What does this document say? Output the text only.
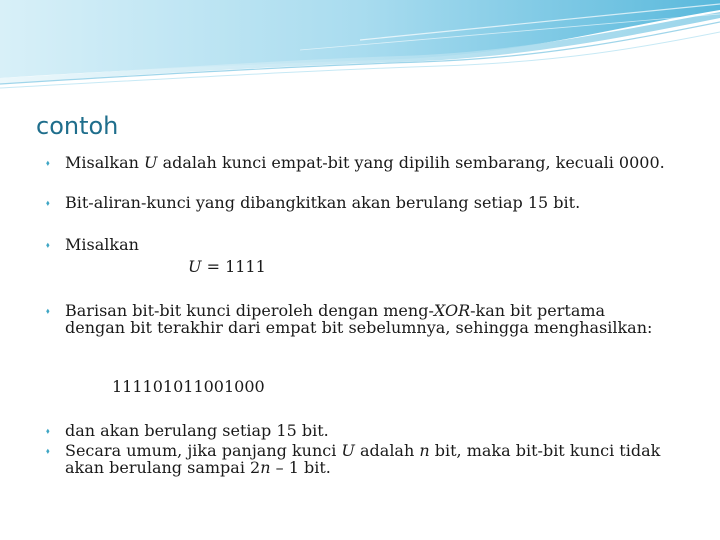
contoh
⬪ Misalkan U adalah kunci empat-bit yang dipilih sembarang, kecuali 0000.
⬪ Bit-aliran-kunci yang dibangkitkan akan berulang setiap 15 bit.
⬪ Misalkan
U = 1111
⬪ Barisan bit-bit kunci diperoleh dengan meng-XOR-kan bit pertama dengan bit terakhir dari empat bit sebelumnya, sehingga menghasilkan:
111101011001000
⬪ dan akan berulang setiap 15 bit.
⬪ Secara umum, jika panjang kunci U adalah n bit, maka bit-bit kunci tidak akan berulang sampai 2n – 1 bit.
